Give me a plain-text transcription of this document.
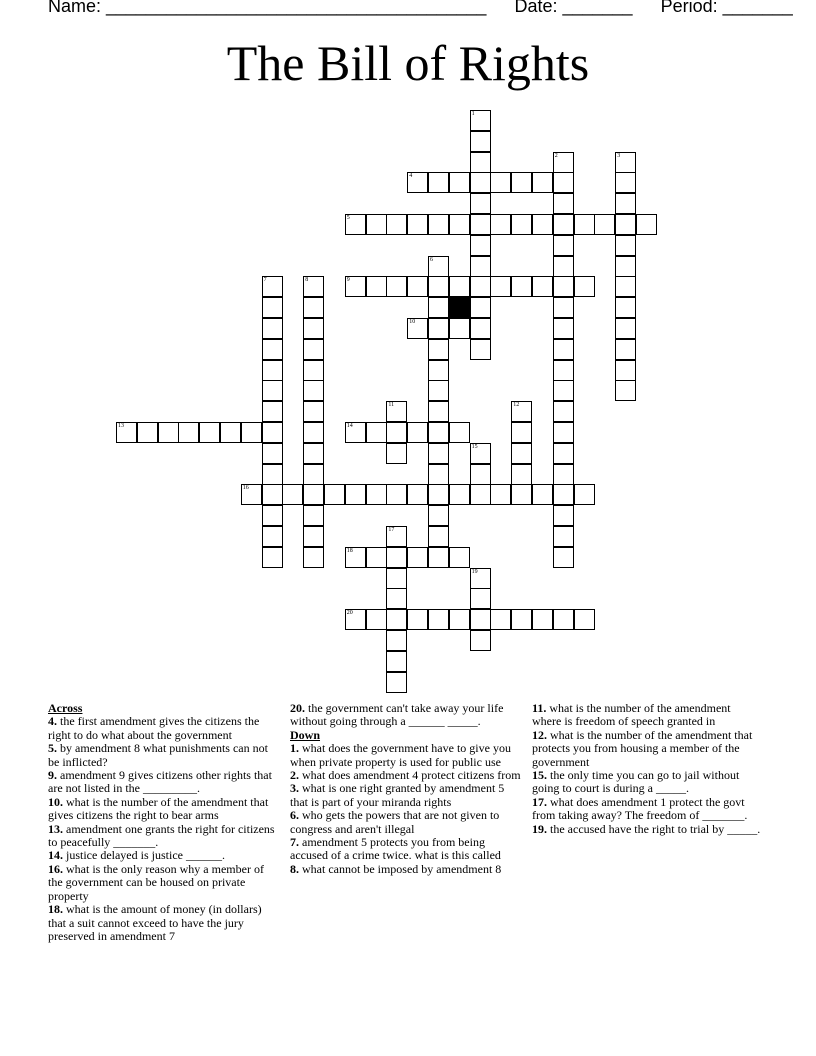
Name: ______________________________________ Date: _______ Period: _______
The Bill of Rights
4
5
9
10
13	14
16
18
20
1
2	3
6
7	8
11	12
15
17
19
Across
4. the first amendment gives the citizens the right to do what about the government
5. by amendment 8 what punishments can not be inflicted?
9. amendment 9 gives citizens other rights that are not listed in the _________.
10. what is the number of the amendment that gives citizens the right to bear arms
13. amendment one grants the right for citizens to peacefully _______.
14. justice delayed is justice ______.
16. what is the only reason why a member of the government can be housed on private property
18. what is the amount of money (in dollars) that a suit cannot exceed to have the jury preserved in amendment 7
20. the government can't take away your life without going through a ______ _____.
Down
1. what does the government have to give you when private property is used for public use
2. what does amendment 4 protect citizens from
3. what is one right granted by amendment 5 that is part of your miranda rights
6. who gets the powers that are not given to congress and aren't illegal
7. amendment 5 protects you from being accused of a crime twice. what is this called
8. what cannot be imposed by amendment 8
11. what is the number of the amendment where is freedom of speech granted in
12. what is the number of the amendment that protects you from housing a member of the government
15. the only time you can go to jail without going to court is during a _____.
17. what does amendment 1 protect the govt from taking away? The freedom of _______.
19. the accused have the right to trial by _____.
